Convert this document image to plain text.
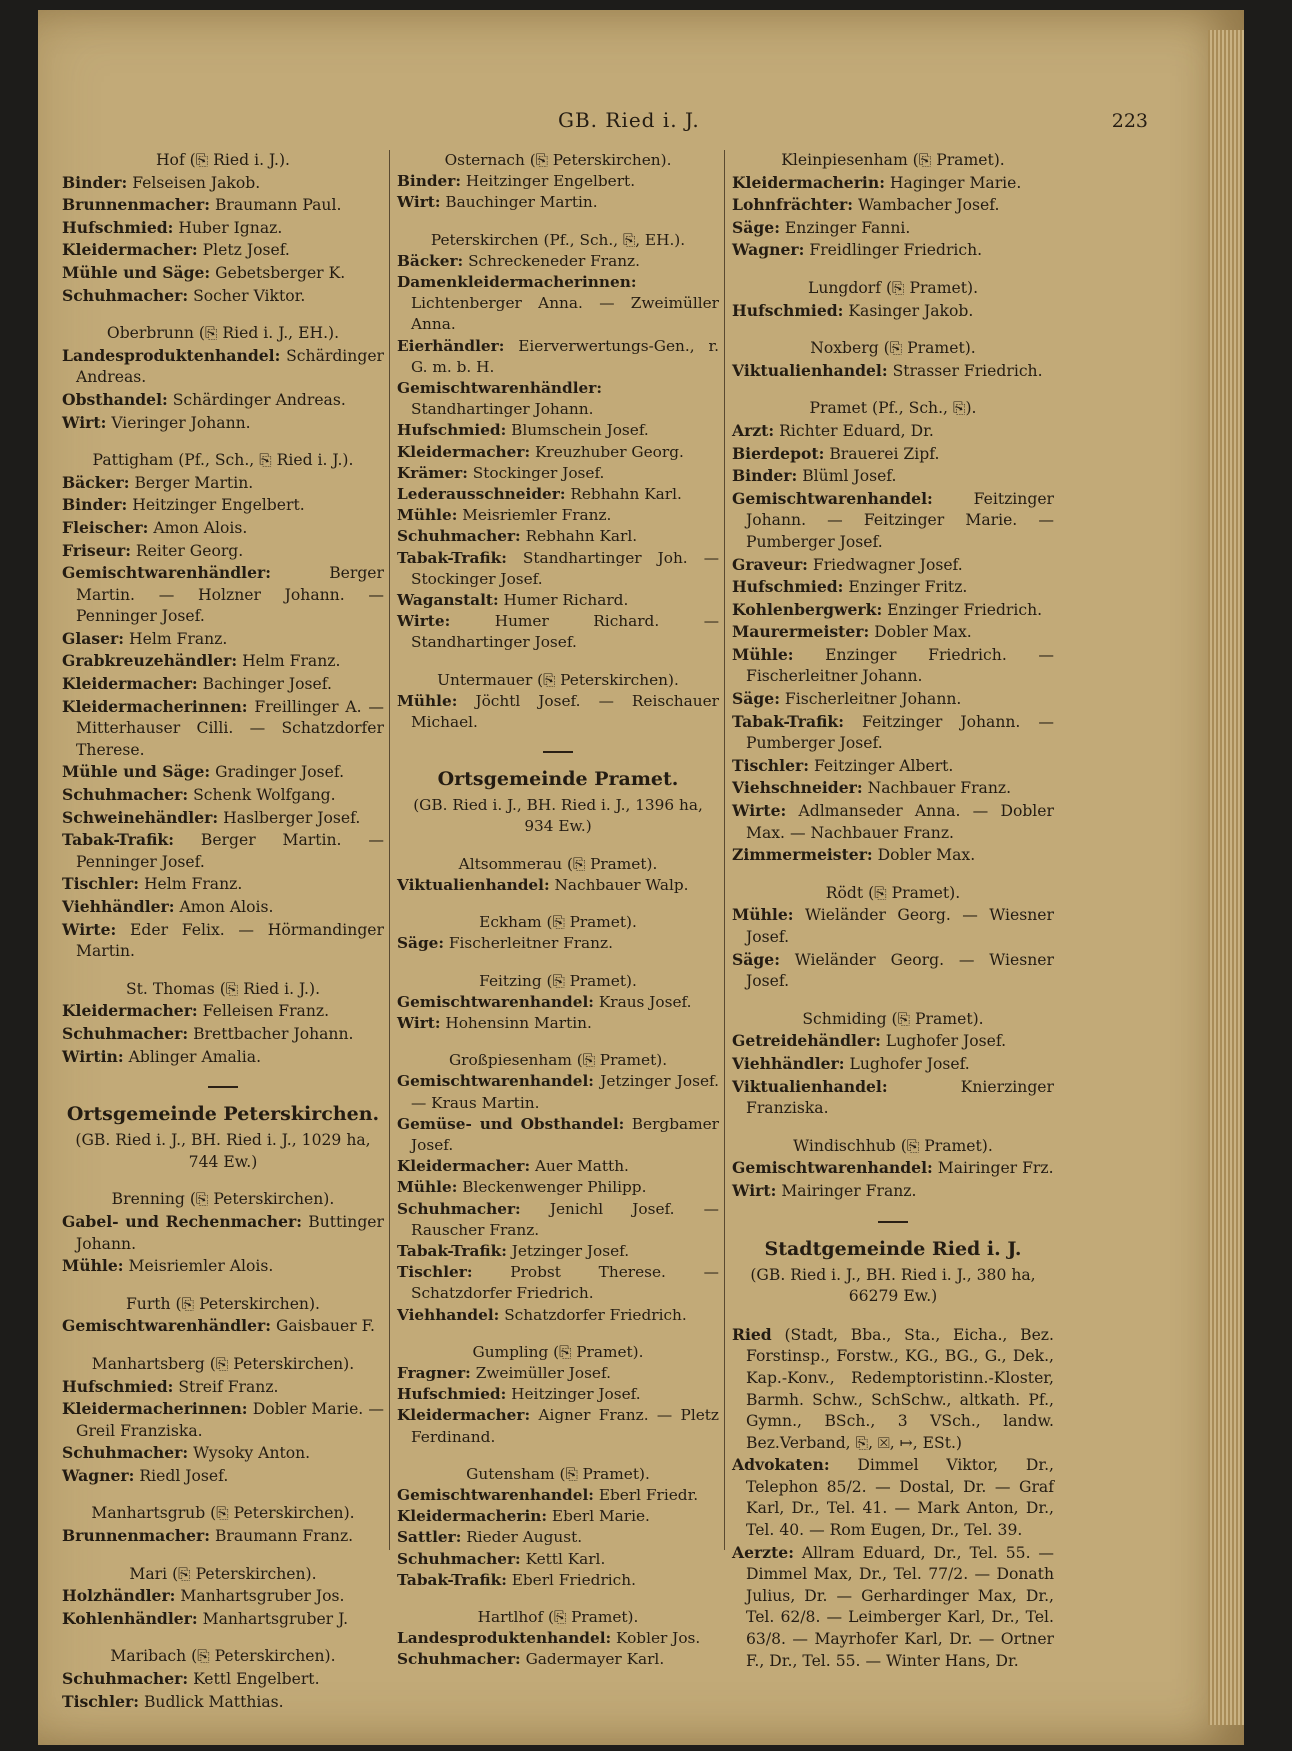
GB. Ried i. J.	223
Hof (⎘ Ried i. J.).
Binder: Felseisen Jakob.
Brunnenmacher: Braumann Paul.
Hufschmied: Huber Ignaz.
Kleidermacher: Pletz Josef.
Mühle und Säge: Gebetsberger K.
Schuhmacher: Socher Viktor.
Oberbrunn (⎘ Ried i. J., EH.).
Landesproduktenhandel: Schärdinger Andreas.
Obsthandel: Schärdinger Andreas.
Wirt: Vieringer Johann.
Pattigham (Pf., Sch., ⎘ Ried i. J.).
Bäcker: Berger Martin.
Binder: Heitzinger Engelbert.
Fleischer: Amon Alois.
Friseur: Reiter Georg.
Gemischtwarenhändler:	Berger Martin. — Holzner Johann. — Penninger Josef.
Glaser: Helm Franz.
Grabkreuzehändler: Helm Franz.
Kleidermacher: Bachinger Josef.
Kleidermacherinnen: Freillinger A. — Mitterhauser Cilli. — Schatzdorfer Therese.
Mühle und Säge: Gradinger Josef.
Schuhmacher: Schenk Wolfgang.
Schweinehändler: Haslberger Josef.
Tabak-Trafik: Berger Martin. — Penninger Josef.
Tischler: Helm Franz.
Viehhändler: Amon Alois.
Wirte: Eder Felix. — Hörmandinger Martin.
St. Thomas (⎘ Ried i. J.).
Kleidermacher: Felleisen Franz.
Schuhmacher: Brettbacher Johann.
Wirtin: Ablinger Amalia.
Ortsgemeinde Peterskirchen.
(GB. Ried i. J., BH. Ried i. J., 1029 ha, 744 Ew.)
Brenning (⎘ Peterskirchen).
Gabel- und Rechenmacher: Buttinger Johann.
Mühle: Meisriemler Alois.
Furth (⎘ Peterskirchen).
Gemischtwarenhändler: Gaisbauer F.
Manhartsberg (⎘ Peterskirchen).
Hufschmied: Streif Franz.
Kleidermacherinnen: Dobler Marie. — Greil Franziska.
Schuhmacher: Wysoky Anton.
Wagner: Riedl Josef.
Manhartsgrub (⎘ Peterskirchen).
Brunnenmacher: Braumann Franz.
Mari (⎘ Peterskirchen).
Holzhändler: Manhartsgruber Jos.
Kohlenhändler: Manhartsgruber J.
Maribach (⎘ Peterskirchen).
Schuhmacher: Kettl Engelbert.
Tischler: Budlick Matthias.
Osternach (⎘ Peterskirchen).
Binder: Heitzinger Engelbert.
Wirt: Bauchinger Martin.
Peterskirchen (Pf., Sch., ⎘, EH.).
Bäcker: Schreckeneder Franz.
Damenkleidermacherinnen: Lichtenberger Anna. — Zweimüller Anna.
Eierhändler: Eierverwertungs-Gen., r. G. m. b. H.
Gemischtwarenhändler: Standhartinger Johann.
Hufschmied: Blumschein Josef.
Kleidermacher: Kreuzhuber Georg.
Krämer: Stockinger Josef.
Lederausschneider: Rebhahn Karl.
Mühle: Meisriemler Franz.
Schuhmacher: Rebhahn Karl.
Tabak-Trafik: Standhartinger Joh. — Stockinger Josef.
Waganstalt: Humer Richard.
Wirte:	Humer Richard. — Standhartinger Josef.
Untermauer (⎘ Peterskirchen).
Mühle: Jöchtl Josef. — Reischauer Michael.
Ortsgemeinde Pramet.
(GB. Ried i. J., BH. Ried i. J., 1396 ha, 934 Ew.)
Altsommerau (⎘ Pramet).
Viktualienhandel: Nachbauer Walp.
Eckham (⎘ Pramet).
Säge: Fischerleitner Franz.
Feitzing (⎘ Pramet).
Gemischtwarenhandel: Kraus Josef.
Wirt: Hohensinn Martin.
Großpiesenham (⎘ Pramet).
Gemischtwarenhandel: Jetzinger Josef. — Kraus Martin.
Gemüse- und Obsthandel: Bergbamer Josef.
Kleidermacher: Auer Matth.
Mühle: Bleckenwenger Philipp.
Schuhmacher: Jenichl Josef. — Rauscher Franz.
Tabak-Trafik: Jetzinger Josef.
Tischler: Probst Therese. — Schatzdorfer Friedrich.
Viehhandel: Schatzdorfer Friedrich.
Gumpling (⎘ Pramet).
Fragner: Zweimüller Josef.
Hufschmied: Heitzinger Josef.
Kleidermacher: Aigner Franz. — Pletz Ferdinand.
Gutensham (⎘ Pramet).
Gemischtwarenhandel: Eberl Friedr.
Kleidermacherin: Eberl Marie.
Sattler: Rieder August.
Schuhmacher: Kettl Karl.
Tabak-Trafik: Eberl Friedrich.
Hartlhof (⎘ Pramet).
Landesproduktenhandel: Kobler Jos.
Schuhmacher: Gadermayer Karl.
Kleinpiesenham (⎘ Pramet).
Kleidermacherin: Haginger Marie.
Lohnfrächter: Wambacher Josef.
Säge: Enzinger Fanni.
Wagner: Freidlinger Friedrich.
Lungdorf (⎘ Pramet).
Hufschmied: Kasinger Jakob.
Noxberg (⎘ Pramet).
Viktualienhandel: Strasser Friedrich.
Pramet (Pf., Sch., ⎘).
Arzt: Richter Eduard, Dr.
Bierdepot: Brauerei Zipf.
Binder: Blüml Josef.
Gemischtwarenhandel:	Feitzinger Johann. — Feitzinger Marie. — Pumberger Josef.
Graveur: Friedwagner Josef.
Hufschmied: Enzinger Fritz.
Kohlenbergwerk: Enzinger Friedrich.
Maurermeister: Dobler Max.
Mühle: Enzinger Friedrich. — Fischerleitner Johann.
Säge: Fischerleitner Johann.
Tabak-Trafik: Feitzinger Johann. — Pumberger Josef.
Tischler: Feitzinger Albert.
Viehschneider: Nachbauer Franz.
Wirte: Adlmanseder Anna. — Dobler Max. — Nachbauer Franz.
Zimmermeister: Dobler Max.
Rödt (⎘ Pramet).
Mühle: Wieländer Georg. — Wiesner Josef.
Säge: Wieländer Georg. — Wiesner Josef.
Schmiding (⎘ Pramet).
Getreidehändler: Lughofer Josef.
Viehhändler: Lughofer Josef.
Viktualienhandel:	Knierzinger Franziska.
Windischhub (⎘ Pramet).
Gemischtwarenhandel: Mairinger Frz.
Wirt: Mairinger Franz.
Stadtgemeinde Ried i. J.
(GB. Ried i. J., BH. Ried i. J., 380 ha, 66279 Ew.)
Ried (Stadt, Bba., Sta., Eicha., Bez. Forstinsp., Forstw., KG., BG., G., Dek., Kap.-Konv., Redemptoristinn.-Kloster, Barmh. Schw., SchSchw., altkath. Pf., Gymn., BSch., 3 VSch., landw. Bez.Verband, ⎘, ☒, ↦, ESt.)
Advokaten: Dimmel Viktor, Dr., Telephon 85/2. — Dostal, Dr. — Graf Karl, Dr., Tel. 41. — Mark Anton, Dr., Tel. 40. — Rom Eugen, Dr., Tel. 39.
Aerzte: Allram Eduard, Dr., Tel. 55. — Dimmel Max, Dr., Tel. 77/2. — Donath Julius, Dr. — Gerhardinger Max, Dr., Tel. 62/8. — Leimberger Karl, Dr., Tel. 63/8. — Mayrhofer Karl, Dr. — Ortner F., Dr., Tel. 55. — Winter Hans, Dr.
